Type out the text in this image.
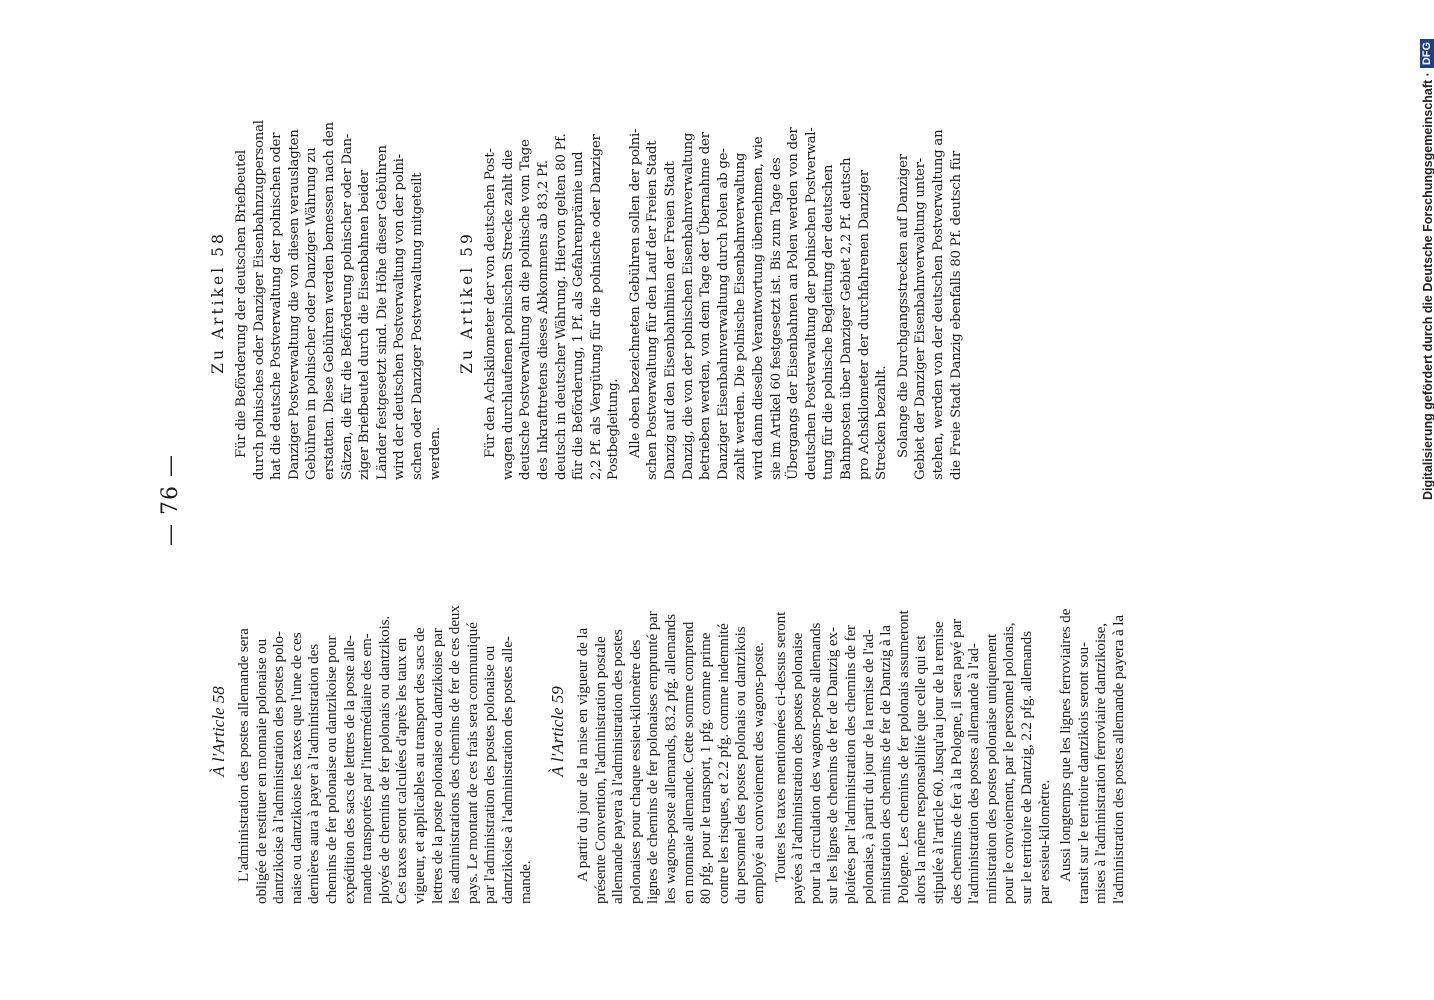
— 76 —
À l'Article 58 L'administration des postes allemande sera obligée de restituer en monnaie polonaise ou dantzikoise à l'administration des postes polo- naise ou dantzikoise les taxes que l'une de ces dernières aura à payer à l'administration des chemins de fer polonaise ou dantzikoise pour expédition des sacs de lettres de la poste alle- mande transportés par l'intermédiaire des em- ployés de chemins de fer polonais ou dantzikois. Ces taxes seront calculées d'après les taux en vigueur, et applicables au transport des sacs de lettres de la poste polonaise ou dantzikoise par les administrations des chemins de fer de ces deux pays. Le montant de ces frais sera communiqué par l'administration des postes polonaise ou dantzikoise à l'administration des postes alle- mande.
À l'Article 59 A partir du jour de la mise en vigueur de la présente Convention, l'administration postale allemande payera à l'administration des postes polonaises pour chaque essieu-kilomètre des lignes de chemins de fer polonaises emprunté par les wagons-poste allemands, 83.2 pfg. allemands en monnaie allemande. Cette somme comprend 80 pfg. pour le transport, 1 pfg. comme prime contre les risques, et 2.2 pfg. comme indemnité du personnel des postes polonais ou dantzikois employé au convoiement des wagons-poste. Toutes les taxes mentionnées ci-dessus seront payées à l'administration des postes polonaise pour la circulation des wagons-poste allemands sur les lignes de chemins de fer de Dantzig ex- ploitées par l'administration des chemins de fer polonaise, à partir du jour de la remise de l'ad- ministration des chemins de fer de Dantzig à la Pologne. Les chemins de fer polonais assumeront alors la même responsabilité que celle qui est stipulée à l'article 60. Jusqu'au jour de la remise des chemins de fer à la Pologne, il sera payé par l'administration des postes allemande à l'ad- ministration des postes polonaise uniquement pour le convoiement, par le personnel polonais, sur le territoire de Dantzig, 2.2 pfg. allemands par essieu-kilomètre. Aussi longtemps que les lignes ferroviaires de transit sur le territoire dantzikois seront sou- mises à l'administration ferroviaire dantzikoise, l'administration des postes allemande payera à la
Zu Artikel 58 Für die Beförderung der deutschen Briefbeutel durch polnisches oder Danziger Eisenbahnzugpersonal hat die deutsche Postverwaltung der polnischen oder Danziger Postverwaltung die von diesen verauslagten Gebühren in polnischer oder Danziger Währung zu erstatten. Diese Gebühren werden bemessen nach den Sätzen, die für die Beförderung polnischer oder Dan- ziger Briefbeutel durch die Eisenbahnen beider Länder festgesetzt sind. Die Höhe dieser Gebühren wird der deutschen Postverwaltung von der polni- schen oder Danziger Postverwaltung mitgeteilt werden.
Zu Artikel 59 Für den Achskilometer der von deutschen Post- wagen durchlaufenen polnischen Strecke zahlt die deutsche Postverwaltung an die polnische vom Tage des Inkrafttretens dieses Abkommens ab 83,2 Pf. deutsch in deutscher Währung. Hiervon gelten 80 Pf. für die Beförderung, 1 Pf. als Gefahrenprämie und 2,2 Pf. als Vergütung für die polnische oder Danziger Postbegleitung. Alle oben bezeichneten Gebühren sollen der polni- schen Postverwaltung für den Lauf der Freien Stadt Danzig auf den Eisenbahnlinien der Freien Stadt Danzig, die von der polnischen Eisenbahnverwaltung betrieben werden, von dem Tage der Übernahme der Danziger Eisenbahnverwaltung durch Polen ab ge- zahlt werden. Die polnische Eisenbahnverwaltung wird dann dieselbe Verantwortung übernehmen, wie sie im Artikel 60 festgesetzt ist. Bis zum Tage des Übergangs der Eisenbahnen an Polen werden von der deutschen Postverwaltung der polnischen Postverwal- tung für die polnische Begleitung der deutschen Bahnposten über Danziger Gebiet 2,2 Pf. deutsch pro Achskilometer der durchfahrenen Danziger Strecken bezahlt. Solange die Durchgangsstrecken auf Danziger Gebiet der Danziger Eisenbahnverwaltung unter- stehen, werden von der deutschen Postverwaltung an die Freie Stadt Danzig ebenfalls 80 Pf. deutsch für	Digitalisierung gefördert durch die Deutsche Forschungsgemeinschaft ·
DFG
